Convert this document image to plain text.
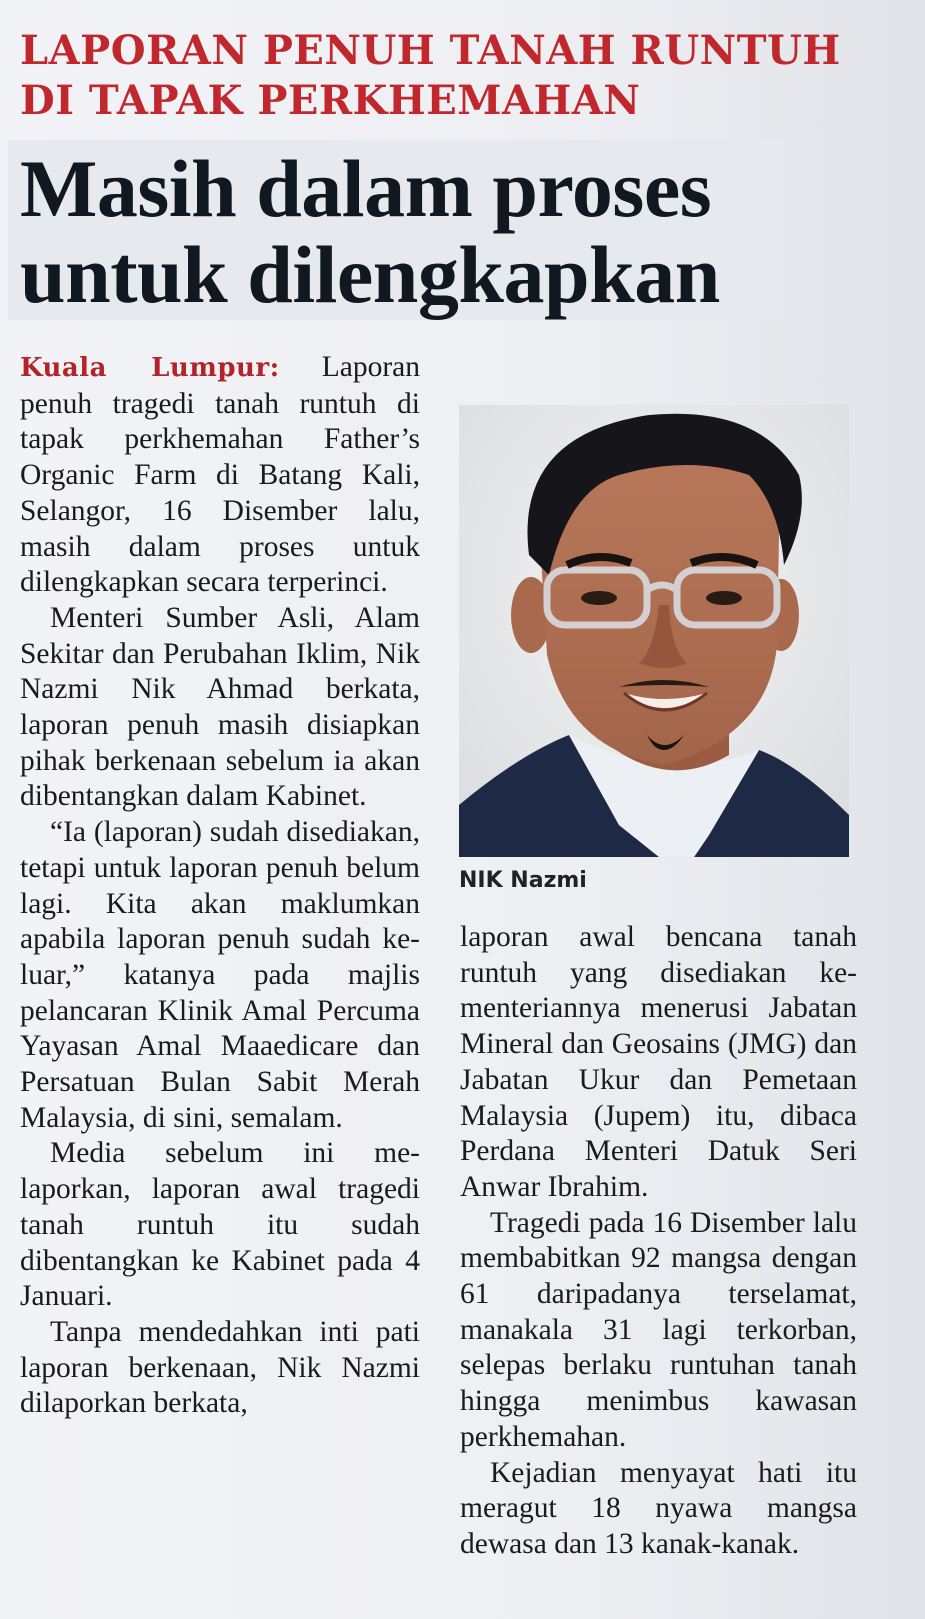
LAPORAN PENUH TANAH RUNTUH
DI TAPAK PERKHEMAHAN
Masih dalam proses
untuk dilengkapkan

Kuala Lumpur: Laporan penuh tragedi tanah runtuh di tapak perkhemahan Father’s Organic Farm di Batang Kali, Selangor, 16 Disember lalu, masih dalam proses untuk dilengkapkan secara terperinci.

Menteri Sumber Asli, Alam Sekitar dan Perubahan Iklim, Nik Nazmi Nik Ahmad berkata, laporan penuh masih disiapkan pihak berkenaan sebelum ia akan dibentangkan dalam Kabinet.

“Ia (laporan) sudah disediakan, tetapi untuk laporan penuh belum lagi. Kita akan maklumkan apabila laporan penuh sudah keluar,” katanya pada majlis pelancaran Klinik Amal Percuma Yayasan Amal Maaedicare dan Persatuan Bulan Sabit Merah Malaysia, di sini, semalam.

Media sebelum ini melaporkan, laporan awal tragedi tanah runtuh itu sudah dibentangkan ke Kabinet pada 4 Januari.

Tanpa mendedahkan inti pati laporan berkenaan, Nik Nazmi dilaporkan berkata,

NIK Nazmi

laporan awal bencana tanah runtuh yang disediakan kementeriannya menerusi Jabatan Mineral dan Geosains (JMG) dan Jabatan Ukur dan Pemetaan Malaysia (Jupem) itu, dibaca Perdana Menteri Datuk Seri Anwar Ibrahim.

Tragedi pada 16 Disember lalu membabitkan 92 mangsa dengan 61 daripadanya terselamat, manakala 31 lagi terkorban, selepas berlaku runtuhan tanah hingga menimbus kawasan perkhemahan.

Kejadian menyayat hati itu meragut 18 nyawa mangsa dewasa dan 13 kanak-kanak.
